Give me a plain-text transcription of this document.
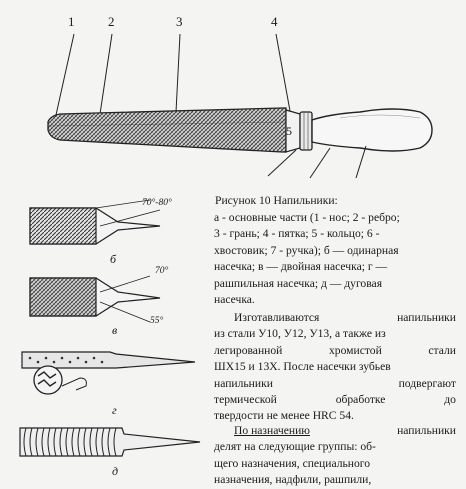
1	2	3	4
5
70°-80°
б
70°
55°
в
г
д
Рисунок 10 Напильники:
а - основные части (1 - нос; 2 - ребро;
3 - грань; 4 - пятка; 5 - кольцо; 6 -
хвостовик; 7 - ручка); б — одинарная
насечка; в — двойная насечка; г —
рашпильная насечка; д — дуговая
насечка.
Изготавливаются	напильники
из стали У10, У12, У13, а также из
легированной	хромистой	стали
ШХ15 и 13Х. После насечки зубьев
напильники	подвергают
термической	обработке	до
твердости не менее HRC 54.
По назначению	напильники
делят на следующие группы: об-
щего назначения, специального
назначения, надфили, рашпили,
